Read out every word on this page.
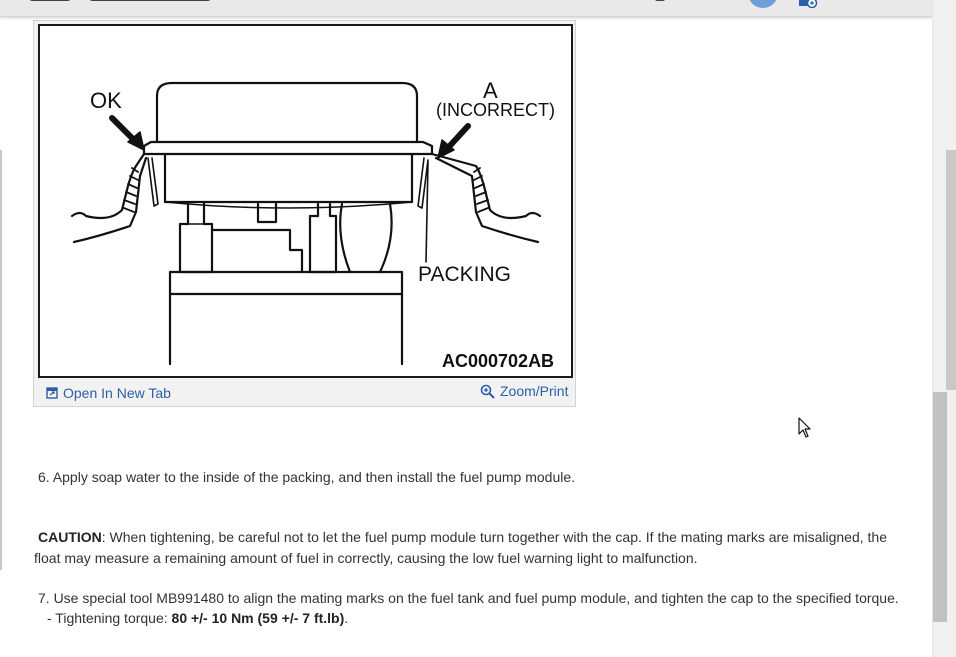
OK	A
(INCORRECT)
PACKING
AC000702AB
Open In New Tab	Zoom/Print
6. Apply soap water to the inside of the packing, and then install the fuel pump module.
CAUTION: When tightening, be careful not to let the fuel pump module turn together with the cap. If the mating marks are misaligned, the
float may measure a remaining amount of fuel in correctly, causing the low fuel warning light to malfunction.
7. Use special tool MB991480 to align the mating marks on the fuel tank and fuel pump module, and tighten the cap to the specified torque.
- Tightening torque: 80 +/- 10 Nm (59 +/- 7 ft.lb).
